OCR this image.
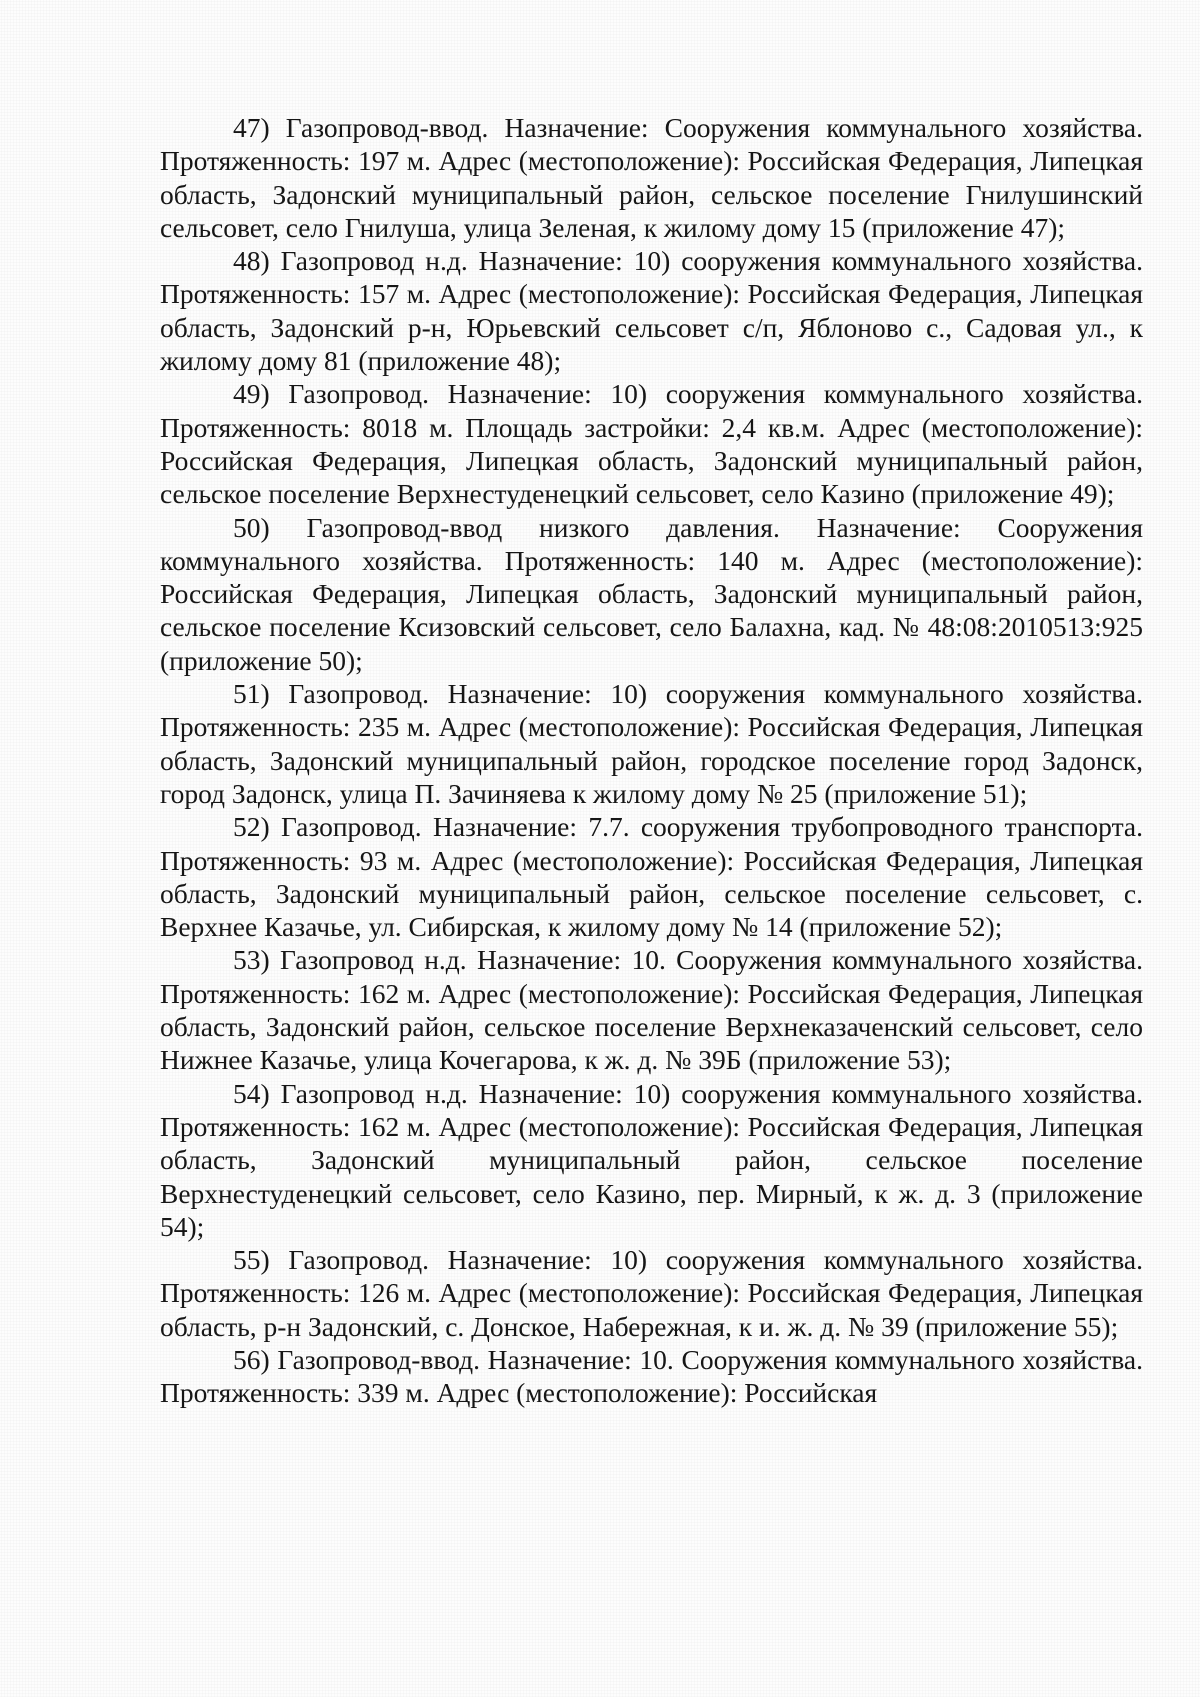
47) Газопровод-ввод. Назначение: Сооружения коммунального хозяйства. Протяженность: 197 м. Адрес (местоположение): Российская Федерация, Липецкая область, Задонский муниципальный район, сельское поселение Гнилушинский сельсовет, село Гнилуша, улица Зеленая, к жилому дому 15 (приложение 47);

48) Газопровод н.д. Назначение: 10) сооружения коммунального хозяйства. Протяженность: 157 м. Адрес (местоположение): Российская Федерация, Липецкая область, Задонский р-н, Юрьевский сельсовет с/п, Яблоново с., Садовая ул., к жилому дому 81 (приложение 48);

49) Газопровод. Назначение: 10) сооружения коммунального хозяйства. Протяженность: 8018 м. Площадь застройки: 2,4 кв.м. Адрес (местоположение): Российская Федерация, Липецкая область, Задонский муниципальный район, сельское поселение Верхнестуденецкий сельсовет, село Казино (приложение 49);

50) Газопровод-ввод низкого давления. Назначение: Сооружения коммунального хозяйства. Протяженность: 140 м. Адрес (местоположение): Российская Федерация, Липецкая область, Задонский муниципальный район, сельское поселение Ксизовский сельсовет, село Балахна, кад. № 48:08:2010513:925 (приложение 50);

51) Газопровод. Назначение: 10) сооружения коммунального хозяйства. Протяженность: 235 м. Адрес (местоположение): Российская Федерация, Липецкая область, Задонский муниципальный район, городское поселение город Задонск, город Задонск, улица П. Зачиняева к жилому дому № 25 (приложение 51);

52) Газопровод. Назначение: 7.7. сооружения трубопроводного транспорта. Протяженность: 93 м. Адрес (местоположение): Российская Федерация, Липецкая область, Задонский муниципальный район, сельское поселение сельсовет, с. Верхнее Казачье, ул. Сибирская, к жилому дому № 14 (приложение 52);

53) Газопровод н.д. Назначение: 10. Сооружения коммунального хозяйства. Протяженность: 162 м. Адрес (местоположение): Российская Федерация, Липецкая область, Задонский район, сельское поселение Верхнеказаченский сельсовет, село Нижнее Казачье, улица Кочегарова, к ж. д. № 39Б (приложение 53);

54) Газопровод н.д. Назначение: 10) сооружения коммунального хозяйства. Протяженность: 162 м. Адрес (местоположение): Российская Федерация, Липецкая область, Задонский муниципальный район, сельское поселение Верхнестуденецкий сельсовет, село Казино, пер. Мирный, к ж. д. 3 (приложение 54);

55) Газопровод. Назначение: 10) сооружения коммунального хозяйства. Протяженность: 126 м. Адрес (местоположение): Российская Федерация, Липецкая область, р-н Задонский, с. Донское, Набережная, к и. ж. д. № 39 (приложение 55);

56) Газопровод-ввод. Назначение: 10. Сооружения коммунального хозяйства. Протяженность: 339 м. Адрес (местоположение): Российская
